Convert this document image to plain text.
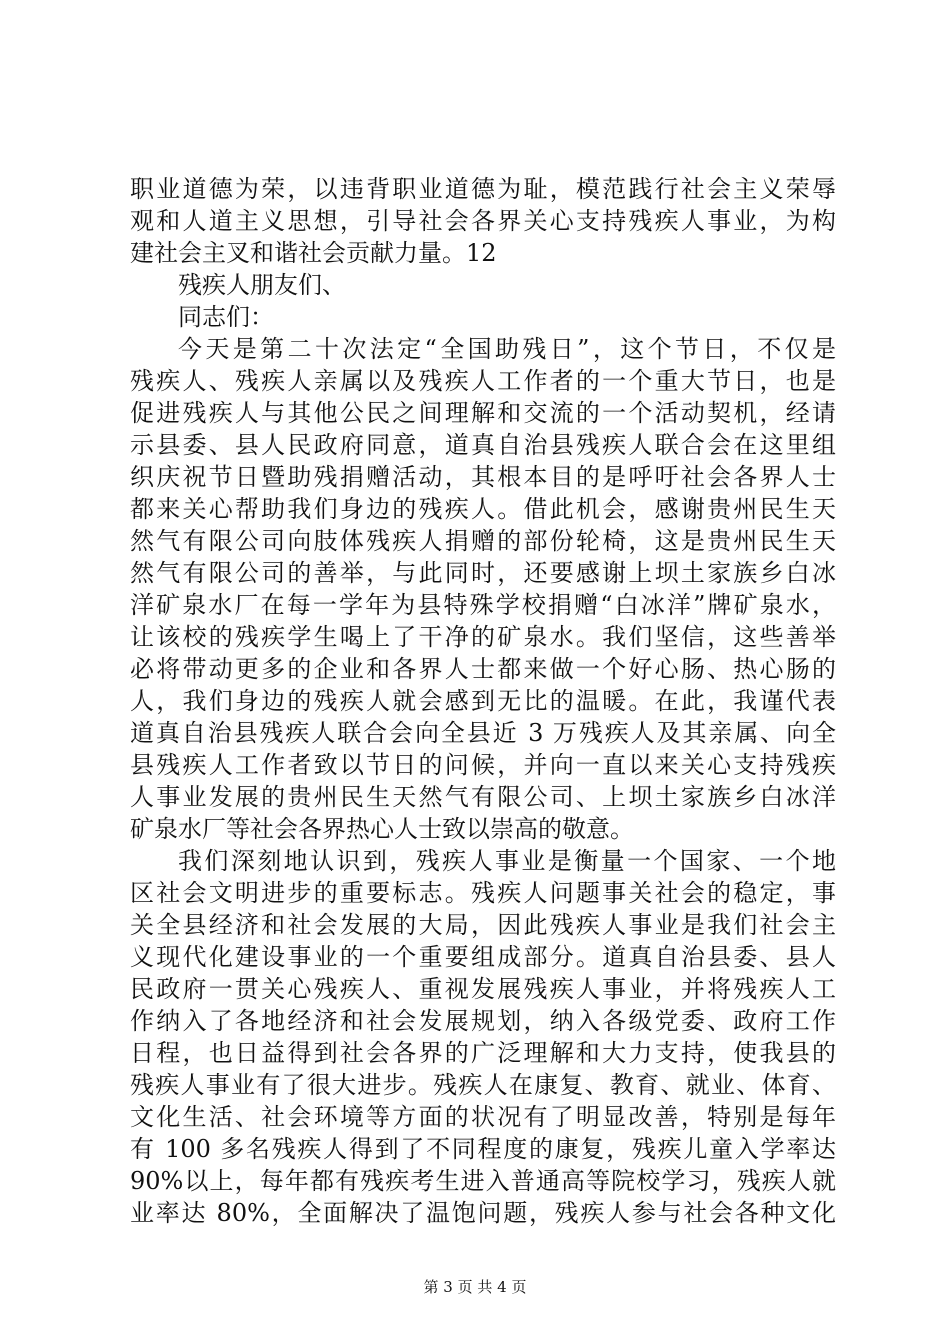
职业道德为荣，以违背职业道德为耻，模范践行社会主义荣辱
观和人道主义思想，引导社会各界关心支持残疾人事业，为构
建社会主叉和谐社会贡献力量。12
残疾人朋友们、
同志们：
今天是第二十次法定“全国助残日”，这个节日，不仅是
残疾人、残疾人亲属以及残疾人工作者的一个重大节日，也是
促进残疾人与其他公民之间理解和交流的一个活动契机，经请
示县委、县人民政府同意，道真自治县残疾人联合会在这里组
织庆祝节日暨助残捐赠活动，其根本目的是呼吁社会各界人士
都来关心帮助我们身边的残疾人。借此机会，感谢贵州民生天
然气有限公司向肢体残疾人捐赠的部份轮椅，这是贵州民生天
然气有限公司的善举，与此同时，还要感谢上坝土家族乡白冰
洋矿泉水厂在每一学年为县特殊学校捐赠“白冰洋”牌矿泉水，
让该校的残疾学生喝上了干净的矿泉水。我们坚信，这些善举
必将带动更多的企业和各界人士都来做一个好心肠、热心肠的
人，我们身边的残疾人就会感到无比的温暖。在此，我谨代表
道真自治县残疾人联合会向全县近 3 万残疾人及其亲属、向全
县残疾人工作者致以节日的问候，并向一直以来关心支持残疾
人事业发展的贵州民生天然气有限公司、上坝土家族乡白冰洋
矿泉水厂等社会各界热心人士致以崇高的敬意。
我们深刻地认识到，残疾人事业是衡量一个国家、一个地
区社会文明进步的重要标志。残疾人问题事关社会的稳定，事
关全县经济和社会发展的大局，因此残疾人事业是我们社会主
义现代化建设事业的一个重要组成部分。道真自治县委、县人
民政府一贯关心残疾人、重视发展残疾人事业，并将残疾人工
作纳入了各地经济和社会发展规划，纳入各级党委、政府工作
日程，也日益得到社会各界的广泛理解和大力支持，使我县的
残疾人事业有了很大进步。残疾人在康复、教育、就业、体育、
文化生活、社会环境等方面的状况有了明显改善，特别是每年
有 100 多名残疾人得到了不同程度的康复，残疾儿童入学率达
90%以上，每年都有残疾考生进入普通高等院校学习，残疾人就
业率达 80%，全面解决了温饱问题，残疾人参与社会各种文化
第 3 页 共 4 页
